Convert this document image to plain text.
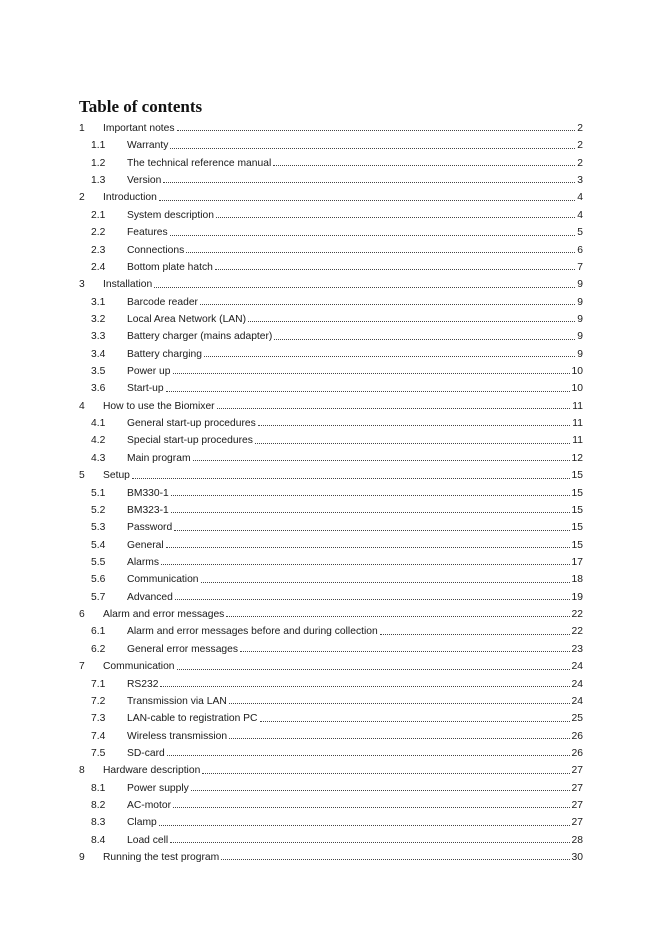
Table of contents
1 Important notes	2
1.1 Warranty	2
1.2 The technical reference manual	2
1.3 Version	3
2 Introduction	4
2.1 System description	4
2.2 Features	5
2.3 Connections	6
2.4 Bottom plate hatch	7
3 Installation	9
3.1 Barcode reader	9
3.2 Local Area Network (LAN)	9
3.3 Battery charger (mains adapter)	9
3.4 Battery charging	9
3.5 Power up	10
3.6 Start-up	10
4 How to use the Biomixer	11
4.1 General start-up procedures	11
4.2 Special start-up procedures	11
4.3 Main program	12
5 Setup	15
5.1 BM330-1	15
5.2 BM323-1	15
5.3 Password	15
5.4 General	15
5.5 Alarms	17
5.6 Communication	18
5.7 Advanced	19
6 Alarm and error messages	22
6.1 Alarm and error messages before and during collection	22
6.2 General error messages	23
7 Communication	24
7.1 RS232	24
7.2 Transmission via LAN	24
7.3 LAN-cable to registration PC	25
7.4 Wireless transmission	26
7.5 SD-card	26
8 Hardware description	27
8.1 Power supply	27
8.2 AC-motor	27
8.3 Clamp	27
8.4 Load cell	28
9 Running the test program	30
